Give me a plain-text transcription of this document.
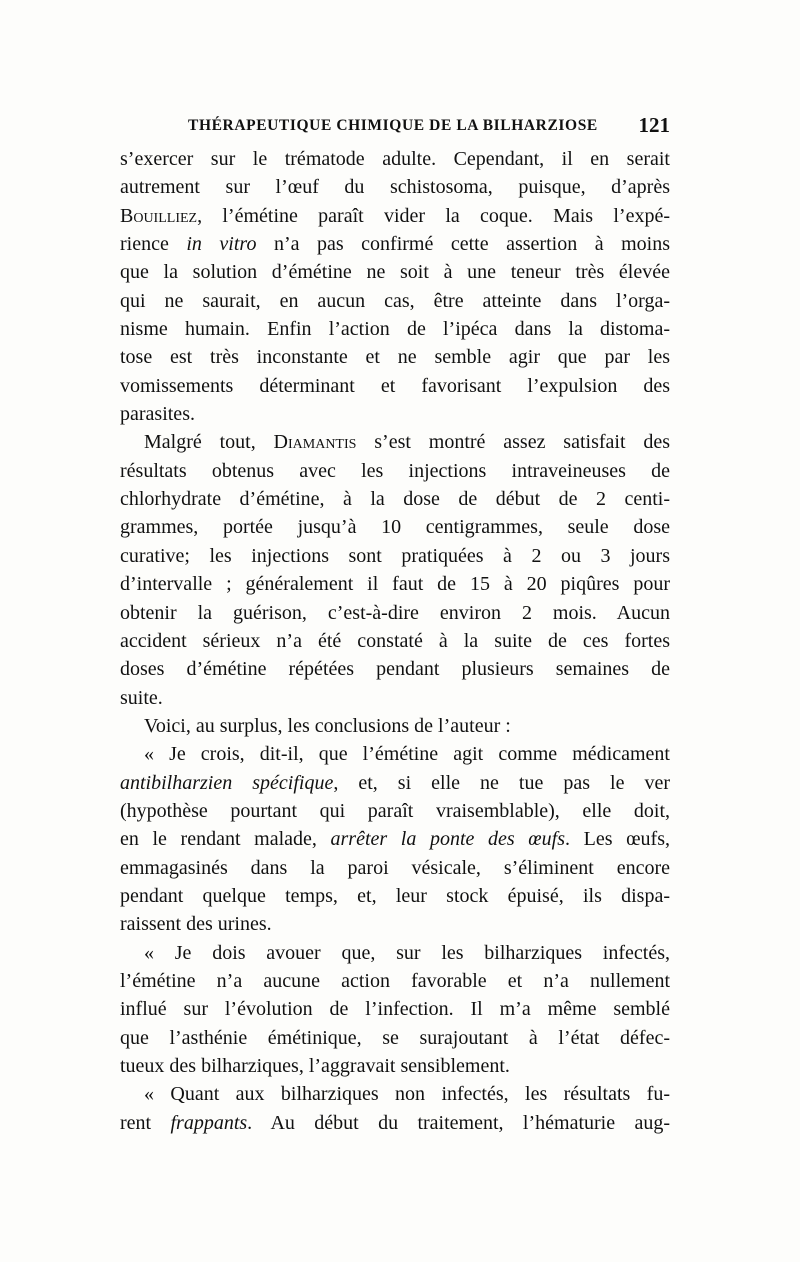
THÉRAPEUTIQUE CHIMIQUE DE LA BILHARZIOSE 121
s’exercer sur le trématode adulte. Cependant, il en serait
autrement sur l’œuf du schistosoma, puisque, d’après
Bouilliez, l’émétine paraît vider la coque. Mais l’expé-
rience in vitro n’a pas confirmé cette assertion à moins
que la solution d’émétine ne soit à une teneur très élevée
qui ne saurait, en aucun cas, être atteinte dans l’orga-
nisme humain. Enfin l’action de l’ipéca dans la distoma-
tose est très inconstante et ne semble agir que par les
vomissements déterminant et favorisant l’expulsion des
parasites.
Malgré tout, Diamantis s’est montré assez satisfait des
résultats obtenus avec les injections intraveineuses de
chlorhydrate d’émétine, à la dose de début de 2 centi-
grammes, portée jusqu’à 10 centigrammes, seule dose
curative; les injections sont pratiquées à 2 ou 3 jours
d’intervalle ; généralement il faut de 15 à 20 piqûres pour
obtenir la guérison, c’est-à-dire environ 2 mois. Aucun
accident sérieux n’a été constaté à la suite de ces fortes
doses d’émétine répétées pendant plusieurs semaines de
suite.
Voici, au surplus, les conclusions de l’auteur :
« Je crois, dit-il, que l’émétine agit comme médicament
antibilharzien spécifique, et, si elle ne tue pas le ver
(hypothèse pourtant qui paraît vraisemblable), elle doit,
en le rendant malade, arrêter la ponte des œufs. Les œufs,
emmagasinés dans la paroi vésicale, s’éliminent encore
pendant quelque temps, et, leur stock épuisé, ils dispa-
raissent des urines.
« Je dois avouer que, sur les bilharziques infectés,
l’émétine n’a aucune action favorable et n’a nullement
influé sur l’évolution de l’infection. Il m’a même semblé
que l’asthénie émétinique, se surajoutant à l’état défec-
tueux des bilharziques, l’aggravait sensiblement.
« Quant aux bilharziques non infectés, les résultats fu-
rent frappants. Au début du traitement, l’hématurie aug-
